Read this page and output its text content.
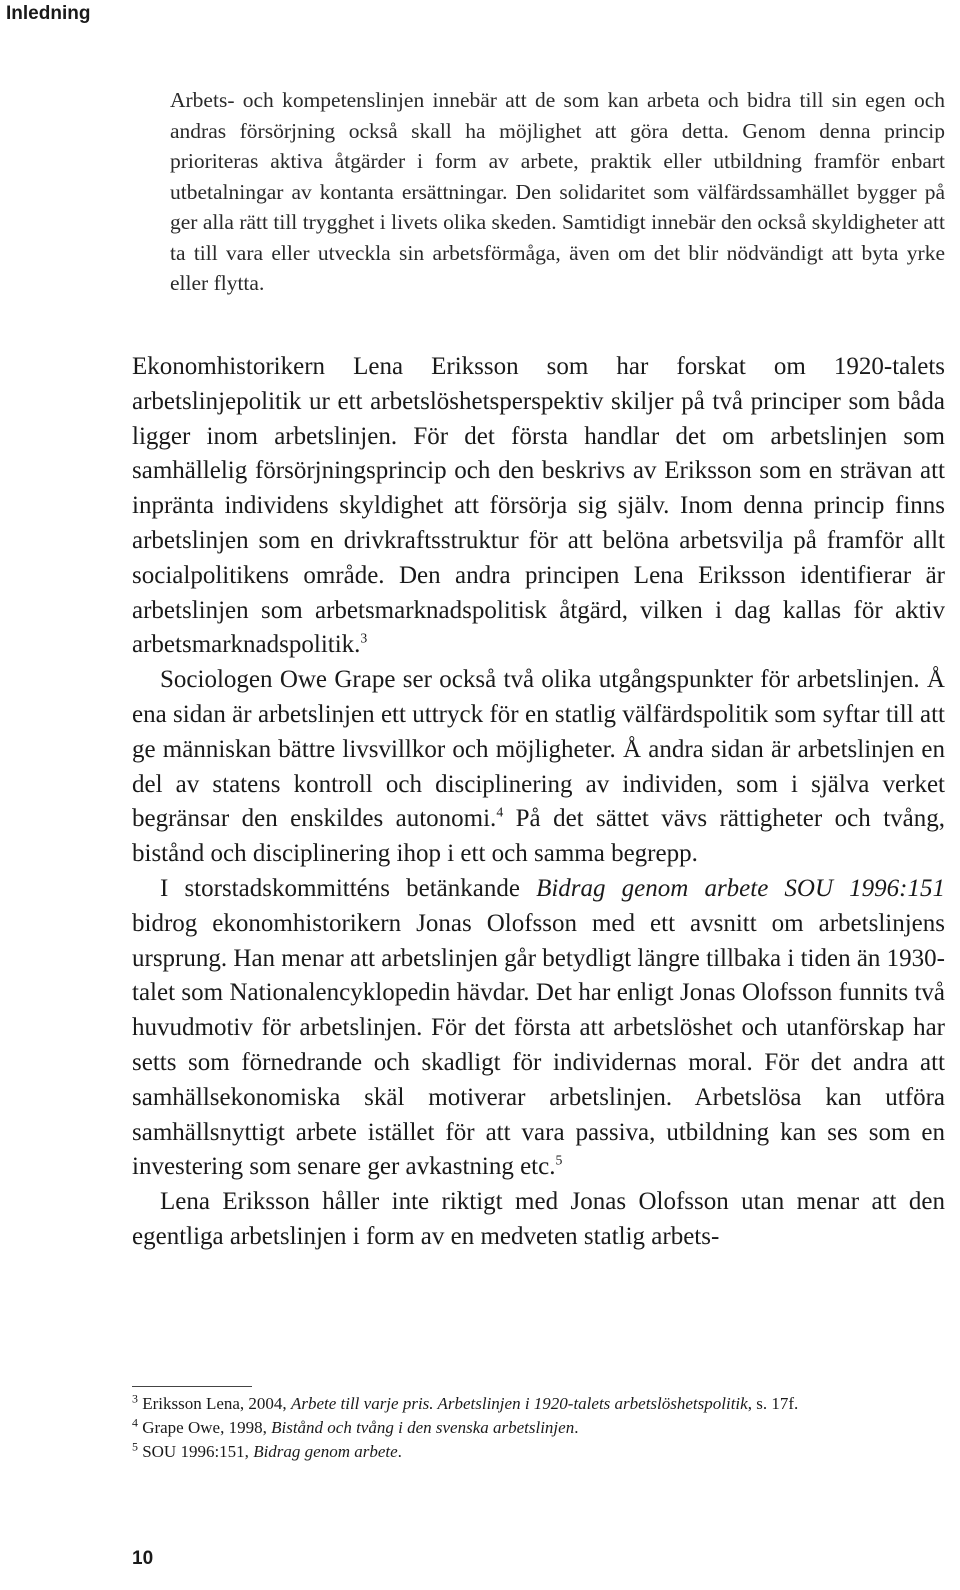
Inledning

Arbets- och kompetenslinjen innebär att de som kan arbeta och bidra till sin egen och andras försörjning också skall ha möjlighet att göra detta. Genom denna princip prioriteras aktiva åtgärder i form av arbete, praktik eller utbildning framför enbart utbetalningar av kontanta ersättningar. Den solidaritet som välfärdssamhället bygger på ger alla rätt till trygghet i livets olika skeden. Samtidigt innebär den också skyldigheter att ta till vara eller utveckla sin arbetsförmåga, även om det blir nödvändigt att byta yrke eller flytta.

Ekonomhistorikern Lena Eriksson som har forskat om 1920-talets arbetslinjepolitik ur ett arbetslöshetsperspektiv skiljer på två principer som båda ligger inom arbetslinjen. För det första handlar det om arbetslinjen som samhällelig försörjningsprincip och den beskrivs av Eriksson som en strävan att inpränta individens skyldighet att försörja sig själv. Inom denna princip finns arbetslinjen som en drivkraftsstruktur för att belöna arbetsvilja på framför allt socialpolitikens område. Den andra principen Lena Eriksson identifierar är arbetslinjen som arbetsmarknadspolitisk åtgärd, vilken i dag kallas för aktiv arbetsmarknadspolitik.$^3$

Sociologen Owe Grape ser också två olika utgångspunkter för arbetslinjen. Å ena sidan är arbetslinjen ett uttryck för en statlig välfärdspolitik som syftar till att ge människan bättre livsvillkor och möjligheter. Å andra sidan är arbetslinjen en del av statens kontroll och disciplinering av individen, som i själva verket begränsar den enskildes autonomi.$^4$ På det sättet vävs rättigheter och tvång, bistånd och disciplinering ihop i ett och samma begrepp.

I storstadskommitténs betänkande Bidrag genom arbete SOU 1996:151 bidrog ekonomhistorikern Jonas Olofsson med ett avsnitt om arbetslinjens ursprung. Han menar att arbetslinjen går betydligt längre tillbaka i tiden än 1930-talet som Nationalencyklopedin hävdar. Det har enligt Jonas Olofsson funnits två huvudmotiv för arbetslinjen. För det första att arbetslöshet och utanförskap har setts som förnedrande och skadligt för individernas moral. För det andra att samhällsekonomiska skäl motiverar arbetslinjen. Arbetslösa kan utföra samhällsnyttigt arbete istället för att vara passiva, utbildning kan ses som en investering som senare ger avkastning etc.$^5$

Lena Eriksson håller inte riktigt med Jonas Olofsson utan menar att den egentliga arbetslinjen i form av en medveten statlig arbets-

$^3$ Eriksson Lena, 2004, Arbete till varje pris. Arbetslinjen i 1920-talets arbetslöshetspolitik, s. 17f.

$^4$ Grape Owe, 1998, Bistånd och tvång i den svenska arbetslinjen.

$^5$ SOU 1996:151, Bidrag genom arbete.

10
